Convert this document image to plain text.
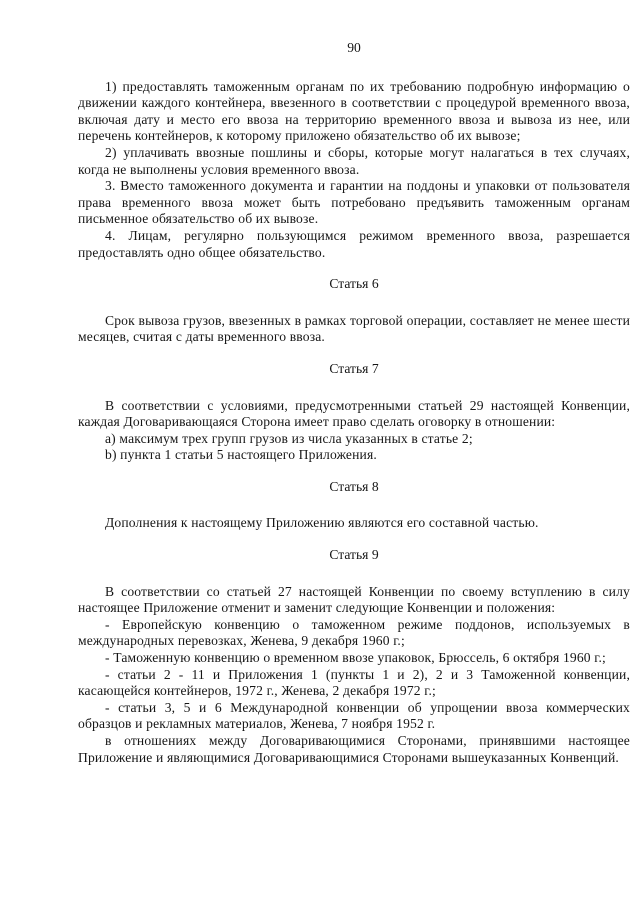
90

1) предоставлять таможенным органам по их требованию подробную информацию о движении каждого контейнера, ввезенного в соответствии с процедурой временного ввоза, включая дату и место его ввоза на территорию временного ввоза и вывоза из нее, или перечень контейнеров, к которому приложено обязательство об их вывозе;

2) уплачивать ввозные пошлины и сборы, которые могут налагаться в тех случаях, когда не выполнены условия временного ввоза.

3. Вместо таможенного документа и гарантии на поддоны и упаковки от пользователя права временного ввоза может быть потребовано предъявить таможенным органам письменное обязательство об их вывозе.

4. Лицам, регулярно пользующимся режимом временного ввоза, разрешается предоставлять одно общее обязательство.

Статья 6

Срок вывоза грузов, ввезенных в рамках торговой операции, составляет не менее шести месяцев, считая с даты временного ввоза.

Статья 7

В соответствии с условиями, предусмотренными статьей 29 настоящей Конвенции, каждая Договаривающаяся Сторона имеет право сделать оговорку в отношении:

а) максимум трех групп грузов из числа указанных в статье 2;

b) пункта 1 статьи 5 настоящего Приложения.

Статья 8

Дополнения к настоящему Приложению являются его составной частью.

Статья 9

В соответствии со статьей 27 настоящей Конвенции по своему вступлению в силу настоящее Приложение отменит и заменит следующие Конвенции и положения:

- Европейскую конвенцию о таможенном режиме поддонов, используемых в международных перевозках, Женева, 9 декабря 1960 г.;

- Таможенную конвенцию о временном ввозе упаковок, Брюссель, 6 октября 1960 г.;

- статьи 2 - 11 и Приложения 1 (пункты 1 и 2), 2 и 3 Таможенной конвенции, касающейся контейнеров, 1972 г., Женева, 2 декабря 1972 г.;

- статьи 3, 5 и 6 Международной конвенции об упрощении ввоза коммерческих образцов и рекламных материалов, Женева, 7 ноября 1952 г.

в отношениях между Договаривающимися Сторонами, принявшими настоящее Приложение и являющимися Договаривающимися Сторонами вышеуказанных Конвенций.
